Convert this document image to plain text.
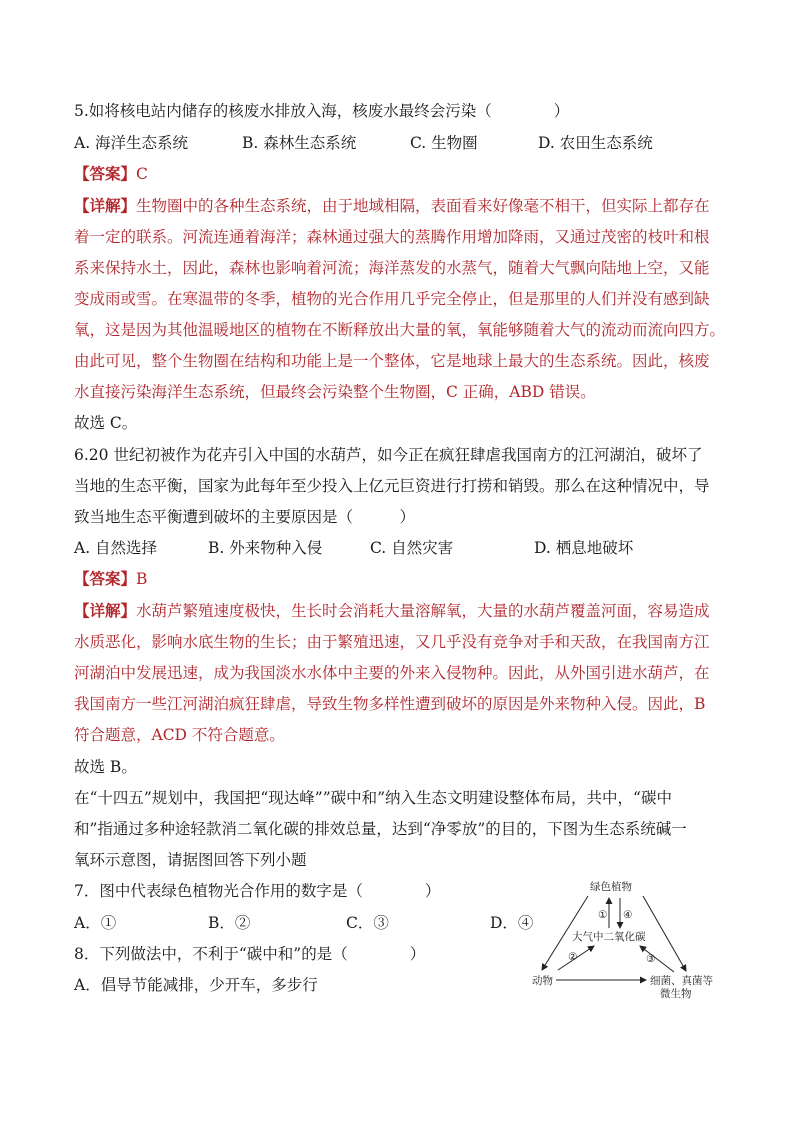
5.如将核电站内储存的核废水排放入海，核废水最终会污染（　　　　）
A. 海洋生态系统	B. 森林生态系统	C. 生物圈	D. 农田生态系统
【答案】C
【详解】生物圈中的各种生态系统，由于地域相隔，表面看来好像毫不相干，但实际上都存在
着一定的联系。河流连通着海洋；森林通过强大的蒸腾作用增加降雨，又通过茂密的枝叶和根
系来保持水土，因此，森林也影响着河流；海洋蒸发的水蒸气，随着大气飘向陆地上空，又能
变成雨或雪。在寒温带的冬季，植物的光合作用几乎完全停止，但是那里的人们并没有感到缺
氧，这是因为其他温暖地区的植物在不断释放出大量的氧，氧能够随着大气的流动而流向四方。
由此可见，整个生物圈在结构和功能上是一个整体，它是地球上最大的生态系统。因此，核废
水直接污染海洋生态系统，但最终会污染整个生物圈，C 正确，ABD 错误。
故选 C。
6.20 世纪初被作为花卉引入中国的水葫芦，如今正在疯狂肆虐我国南方的江河湖泊，破坏了
当地的生态平衡，国家为此每年至少投入上亿元巨资进行打捞和销毁。那么在这种情况中，导
致当地生态平衡遭到破坏的主要原因是（　　　）
A. 自然选择	B. 外来物种入侵	C. 自然灾害	D. 栖息地破坏
【答案】B
【详解】水葫芦繁殖速度极快，生长时会消耗大量溶解氧，大量的水葫芦覆盖河面，容易造成
水质恶化，影响水底生物的生长；由于繁殖迅速，又几乎没有竞争对手和天敌，在我国南方江
河湖泊中发展迅速，成为我国淡水水体中主要的外来入侵物种。因此，从外国引进水葫芦，在
我国南方一些江河湖泊疯狂肆虐，导致生物多样性遭到破坏的原因是外来物种入侵。因此，B
符合题意，ACD 不符合题意。
故选 B。
在“十四五”规划中，我国把“现达峰””碳中和”纳入生态文明建设整体布局，共中，“碳中
和”指通过多种途轻款消二氧化碳的排效总量，达到“净零放”的目的，下图为生态系统碱一
氧环示意图，请据图回答下列小题
7．图中代表绿色植物光合作用的数字是（　　　　）
A．①	B．②	C．③	D．④
8．下列做法中，不利于“碳中和”的是（　　　　）
A．倡导节能减排，少开车，多步行
绿色植物
大气中二氧化碳
动物	细菌、真菌等
微生物
① ④
②	③
